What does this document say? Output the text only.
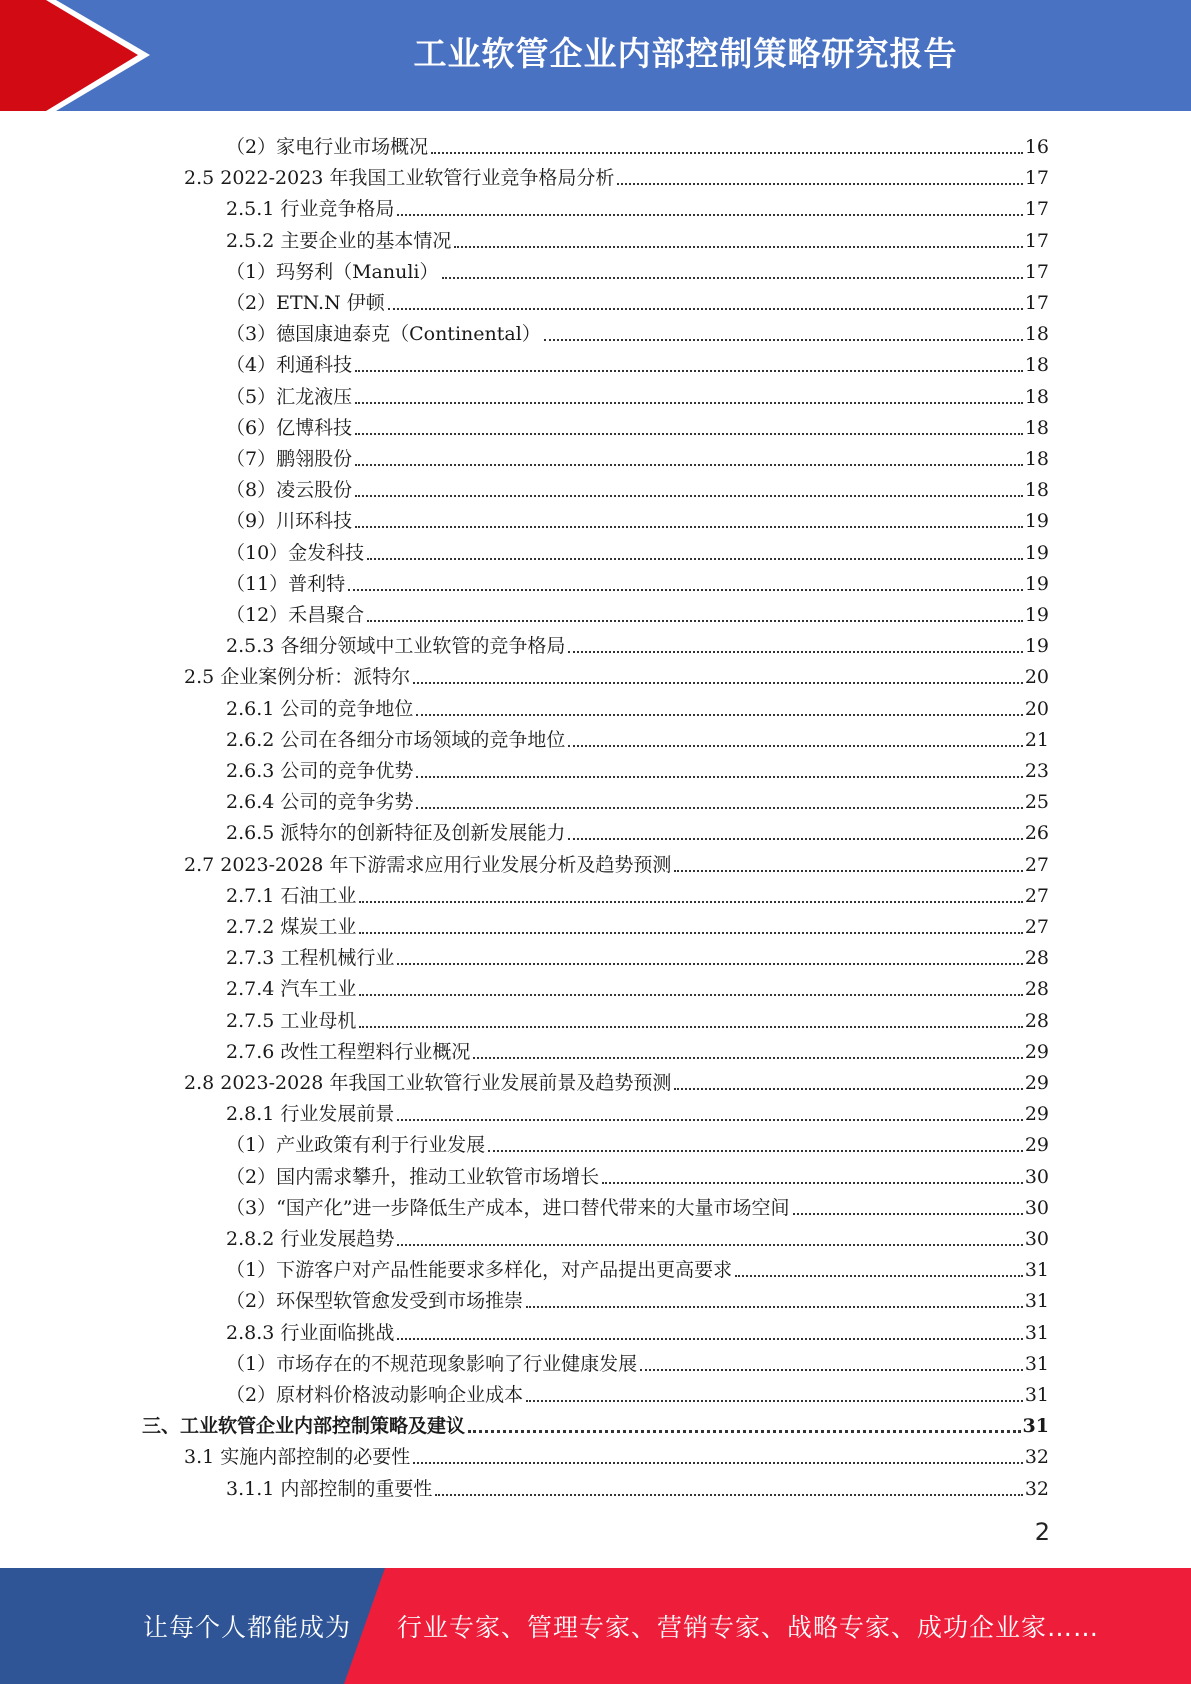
工业软管企业内部控制策略研究报告
（2）家电行业市场概况	16
2.5 2022-2023 年我国工业软管行业竞争格局分析	17
2.5.1 行业竞争格局	17
2.5.2 主要企业的基本情况	17
（1）玛努利（Manuli）	17
（2）ETN.N 伊顿	17
（3）德国康迪泰克（Continental）	18
（4）利通科技	18
（5）汇龙液压	18
（6）亿博科技	18
（7）鹏翎股份	18
（8）凌云股份	18
（9）川环科技	19
（10）金发科技	19
（11）普利特	19
（12）禾昌聚合	19
2.5.3 各细分领域中工业软管的竞争格局	19
2.5 企业案例分析：派特尔	20
2.6.1 公司的竞争地位	20
2.6.2 公司在各细分市场领域的竞争地位	21
2.6.3 公司的竞争优势	23
2.6.4 公司的竞争劣势	25
2.6.5 派特尔的创新特征及创新发展能力	26
2.7 2023-2028 年下游需求应用行业发展分析及趋势预测	27
2.7.1 石油工业	27
2.7.2 煤炭工业	27
2.7.3 工程机械行业	28
2.7.4 汽车工业	28
2.7.5 工业母机	28
2.7.6 改性工程塑料行业概况	29
2.8 2023-2028 年我国工业软管行业发展前景及趋势预测	29
2.8.1 行业发展前景	29
（1）产业政策有利于行业发展	29
（2）国内需求攀升，推动工业软管市场增长	30
（3）“国产化”进一步降低生产成本，进口替代带来的大量市场空间	30
2.8.2 行业发展趋势	30
（1）下游客户对产品性能要求多样化，对产品提出更高要求	31
（2）环保型软管愈发受到市场推崇	31
2.8.3 行业面临挑战	31
（1）市场存在的不规范现象影响了行业健康发展	31
（2）原材料价格波动影响企业成本	31
三、工业软管企业内部控制策略及建议	31
3.1 实施内部控制的必要性	32
3.1.1 内部控制的重要性	32
2
让每个人都能成为 行业专家、管理专家、营销专家、战略专家、成功企业家……
